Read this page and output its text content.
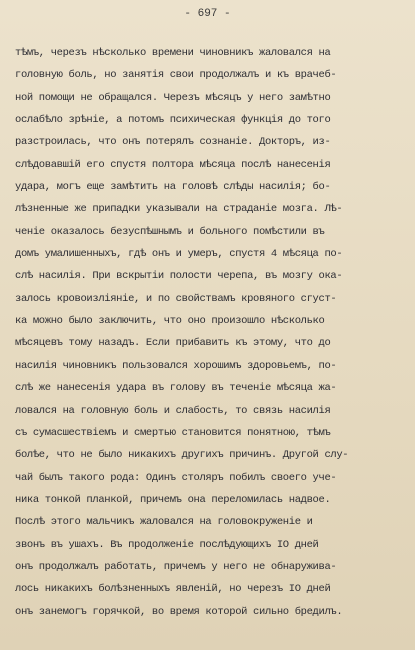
- 697 -
тѣмъ, черезъ нѣсколько времени чиновникъ жаловался на
головную боль, но занятія свои продолжалъ и къ врачеб-
ной помощи не обращался. Черезъ мѣсяцъ у него замѣтно
ослабѣло зрѣніе, а потомъ психическая функція до того
разстроилась, что онъ потерялъ сознаніе. Докторъ, из-
слѣдовавшій его спустя полтора мѣсяца послѣ нанесенія
удара, могъ еще замѣтить на головѣ слѣды насилія; бо-
лѣзненные же припадки указывали на страданіе мозга. Лѣ-
ченіе оказалось безуспѣшнымъ и больного помѣстили въ
домъ умалишенныхъ, гдѣ онъ и умеръ, спустя 4 мѣсяца по-
слѣ насилія. При вскрытіи полости черепа, въ мозгу ока-
залось кровоизліяніе, и по свойствамъ кровяного сгуст-
ка можно было заключить, что оно произошло нѣсколько
мѣсяцевъ тому назадъ. Если прибавить къ этому, что до
насилія чиновникъ пользовался хорошимъ здоровьемъ, по-
слѣ же нанесенія удара въ голову въ теченіе мѣсяца жа-
ловался на головную боль и слабость, то связь насилія
съ сумасшествіемъ и смертью становится понятною, тѣмъ
болѣе, что не было никакихъ другихъ причинъ. Другой слу-
чай былъ такого рода: Одинъ столяръ побилъ своего уче-
ника тонкой планкой, причемъ она переломилась надвое.
Послѣ этого мальчикъ жаловался на головокруженіе и
звонъ въ ушахъ. Въ продолженіе послѣдующихъ IO дней
онъ продолжалъ работать, причемъ у него не обнаружива-
лось никакихъ болѣзненныхъ явленій, но черезъ IO дней
онъ занемогъ горячкой, во время которой сильно бредилъ.
